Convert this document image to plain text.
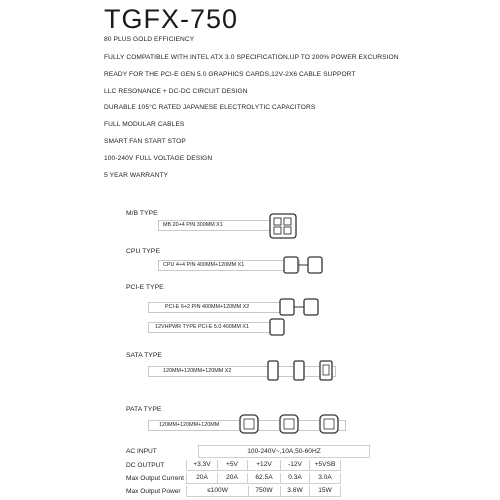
TGFX-750
80 PLUS GOLD EFFICIENCY
FULLY COMPATIBLE WITH INTEL ATX 3.0 SPECIFICATION,UP TO 200% POWER EXCURSION
READY FOR THE PCI-E GEN 5.0 GRAPHICS CARDS,12V-2X6 CABLE SUPPORT
LLC RESONANCE + DC-DC CIRCUIT DESIGN
DURABLE 105°C RATED JAPANESE ELECTROLYTIC CAPACITORS
FULL MODULAR CABLES
SMART FAN START STOP
100-240V FULL VOLTAGE DESIGN
5 YEAR WARRANTY
M/B TYPE
MB 20+4 PIN 300MM X1
CPU TYPE
CPU 4+4 PIN 400MM+120MM X1
PCI-E TYPE
PCI-E 6+2 PIN 400MM+120MM X2
12VHPWR TYPE PCI-E 5.0 400MM X1
SATA TYPE
120MM+120MM+120MM X2
PATA TYPE
120MM+120MM+120MM
AC INPUT	100-240V~,10A,50-60HZ
DC OUTPUT	+3.3V	+5V	+12V	-12V	+5VSB
Max Output Current	20A	20A	62.5A	0.3A	3.0A
Max Output Power	≤100W	750W	3.6W	15W
